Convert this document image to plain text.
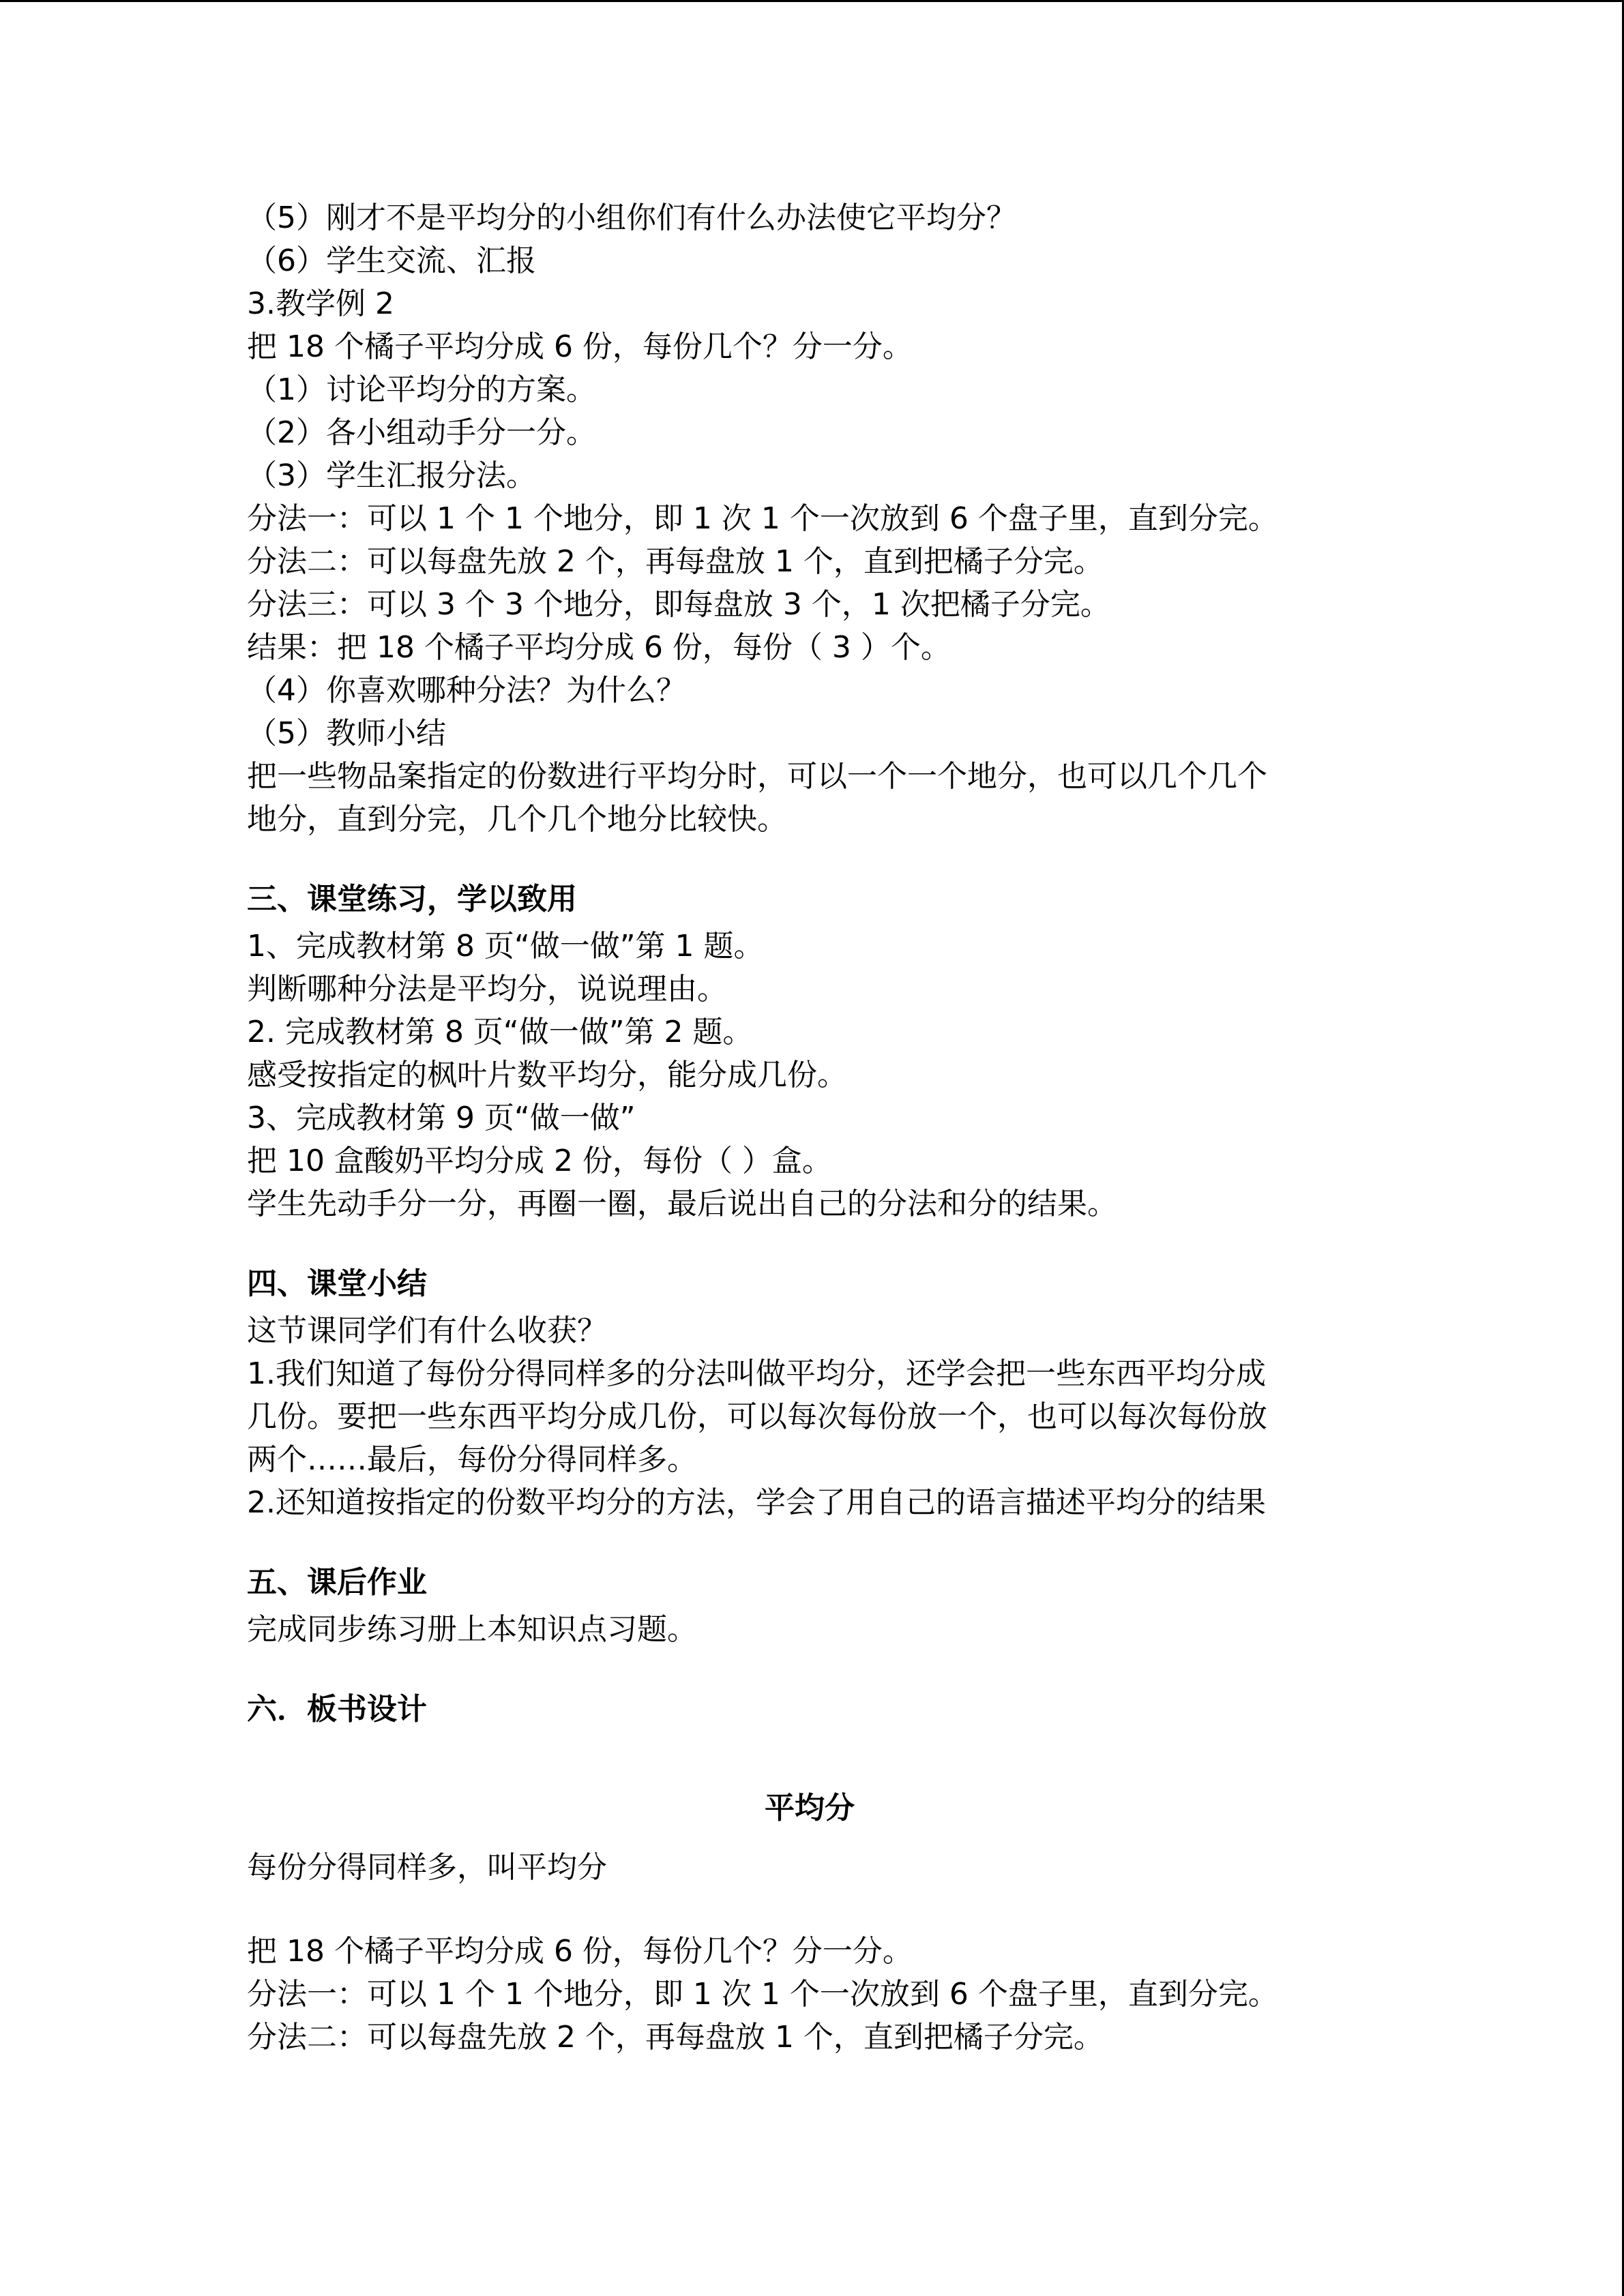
（5）刚才不是平均分的小组你们有什么办法使它平均分？
（6）学生交流、汇报
3.教学例 2
把 18 个橘子平均分成 6 份，每份几个？分一分。
（1）讨论平均分的方案。
（2）各小组动手分一分。
（3）学生汇报分法。
分法一：可以 1 个 1 个地分，即 1 次 1 个一次放到 6 个盘子里，直到分完。
分法二：可以每盘先放 2 个，再每盘放 1 个，直到把橘子分完。
分法三：可以 3 个 3 个地分，即每盘放 3 个，1 次把橘子分完。
结果：把 18 个橘子平均分成 6 份，每份（ 3 ）个。
（4）你喜欢哪种分法？为什么？
（5）教师小结
把一些物品案指定的份数进行平均分时，可以一个一个地分，也可以几个几个
地分，直到分完，几个几个地分比较快。
三、课堂练习，学以致用
1、完成教材第 8 页“做一做”第 1 题。
判断哪种分法是平均分，说说理由。
2. 完成教材第 8 页“做一做”第 2 题。
感受按指定的枫叶片数平均分，能分成几份。
3、完成教材第 9 页“做一做”
把 10 盒酸奶平均分成 2 份，每份（ ）盒。
学生先动手分一分，再圈一圈，最后说出自己的分法和分的结果。
四、课堂小结
这节课同学们有什么收获？
1.我们知道了每份分得同样多的分法叫做平均分，还学会把一些东西平均分成
几份。要把一些东西平均分成几份，可以每次每份放一个，也可以每次每份放
两个……最后，每份分得同样多。
2.还知道按指定的份数平均分的方法，学会了用自己的语言描述平均分的结果
五、课后作业
完成同步练习册上本知识点习题。
六．板书设计
平均分
每份分得同样多，叫平均分
把 18 个橘子平均分成 6 份，每份几个？分一分。
分法一：可以 1 个 1 个地分，即 1 次 1 个一次放到 6 个盘子里，直到分完。
分法二：可以每盘先放 2 个，再每盘放 1 个，直到把橘子分完。
